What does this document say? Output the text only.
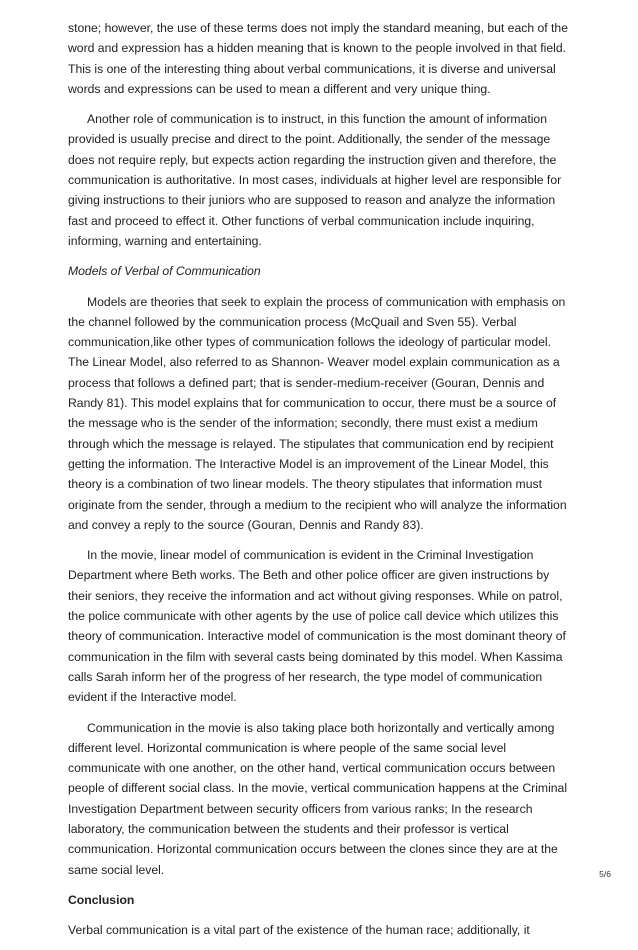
stone; however, the use of these terms does not imply the standard meaning, but each of the word and expression has a hidden meaning that is known to the people involved in that field. This is one of the interesting thing about verbal communications, it is diverse and universal words and expressions can be used to mean a different and very unique thing.

Another role of communication is to instruct, in this function the amount of information provided is usually precise and direct to the point. Additionally, the sender of the message does not require reply, but expects action regarding the instruction given and therefore, the communication is authoritative. In most cases, individuals at higher level are responsible for giving instructions to their juniors who are supposed to reason and analyze the information fast and proceed to effect it. Other functions of verbal communication include inquiring, informing, warning and entertaining.

Models of Verbal of Communication

Models are theories that seek to explain the process of communication with emphasis on the channel followed by the communication process (McQuail and Sven 55). Verbal communication,like other types of communication follows the ideology of particular model. The Linear Model, also referred to as Shannon- Weaver model explain communication as a process that follows a defined part; that is sender-medium-receiver (Gouran, Dennis and Randy 81). This model explains that for communication to occur, there must be a source of the message who is the sender of the information; secondly, there must exist a medium through which the message is relayed. The stipulates that communication end by recipient getting the information. The Interactive Model is an improvement of the Linear Model, this theory is a combination of two linear models. The theory stipulates that information must originate from the sender, through a medium to the recipient who will analyze the information and convey a reply to the source (Gouran, Dennis and Randy 83).

In the movie, linear model of communication is evident in the Criminal Investigation Department where Beth works. The Beth and other police officer are given instructions by their seniors, they receive the information and act without giving responses. While on patrol, the police communicate with other agents by the use of police call device which utilizes this theory of communication. Interactive model of communication is the most dominant theory of communication in the film with several casts being dominated by this model. When Kassima calls Sarah inform her of the progress of her research, the type model of communication evident if the Interactive model.

Communication in the movie is also taking place both horizontally and vertically among different level. Horizontal communication is where people of the same social level communicate with one another, on the other hand, vertical communication occurs between people of different social class. In the movie, vertical communication happens at the Criminal Investigation Department between security officers from various ranks; In the research laboratory, the communication between the students and their professor is vertical communication. Horizontal communication occurs between the clones since they are at the same social level.

Conclusion

Verbal communication is a vital part of the existence of the human race; additionally, it

5/6
